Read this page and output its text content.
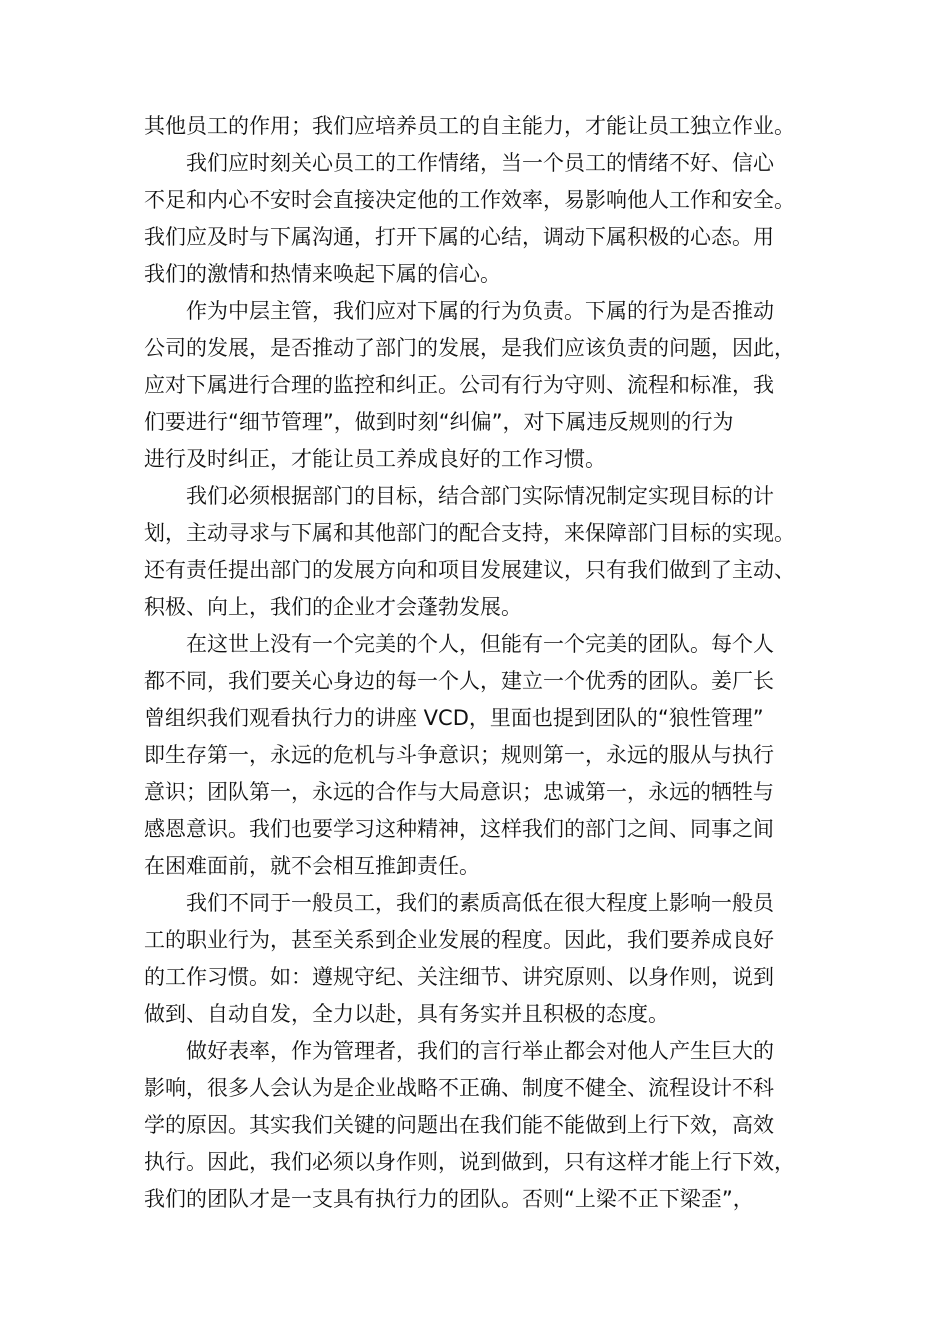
其他员工的作用；我们应培养员工的自主能力，才能让员工独立作业。
我们应时刻关心员工的工作情绪，当一个员工的情绪不好、信心
不足和内心不安时会直接决定他的工作效率，易影响他人工作和安全。
我们应及时与下属沟通，打开下属的心结，调动下属积极的心态。用
我们的激情和热情来唤起下属的信心。
作为中层主管，我们应对下属的行为负责。下属的行为是否推动
公司的发展，是否推动了部门的发展，是我们应该负责的问题，因此，
应对下属进行合理的监控和纠正。公司有行为守则、流程和标准，我
们要进行“细节管理”，做到时刻“纠偏”，对下属违反规则的行为
进行及时纠正，才能让员工养成良好的工作习惯。
我们必须根据部门的目标，结合部门实际情况制定实现目标的计
划，主动寻求与下属和其他部门的配合支持，来保障部门目标的实现。
还有责任提出部门的发展方向和项目发展建议，只有我们做到了主动、
积极、向上，我们的企业才会蓬勃发展。
在这世上没有一个完美的个人，但能有一个完美的团队。每个人
都不同，我们要关心身边的每一个人，建立一个优秀的团队。姜厂长
曾组织我们观看执行力的讲座 VCD，里面也提到团队的“狼性管理”
即生存第一，永远的危机与斗争意识；规则第一，永远的服从与执行
意识；团队第一，永远的合作与大局意识；忠诚第一，永远的牺牲与
感恩意识。我们也要学习这种精神，这样我们的部门之间、同事之间
在困难面前，就不会相互推卸责任。
我们不同于一般员工，我们的素质高低在很大程度上影响一般员
工的职业行为，甚至关系到企业发展的程度。因此，我们要养成良好
的工作习惯。如：遵规守纪、关注细节、讲究原则、以身作则，说到
做到、自动自发，全力以赴，具有务实并且积极的态度。
做好表率，作为管理者，我们的言行举止都会对他人产生巨大的
影响，很多人会认为是企业战略不正确、制度不健全、流程设计不科
学的原因。其实我们关键的问题出在我们能不能做到上行下效，高效
执行。因此，我们必须以身作则，说到做到，只有这样才能上行下效，
我们的团队才是一支具有执行力的团队。否则“上梁不正下梁歪”，
